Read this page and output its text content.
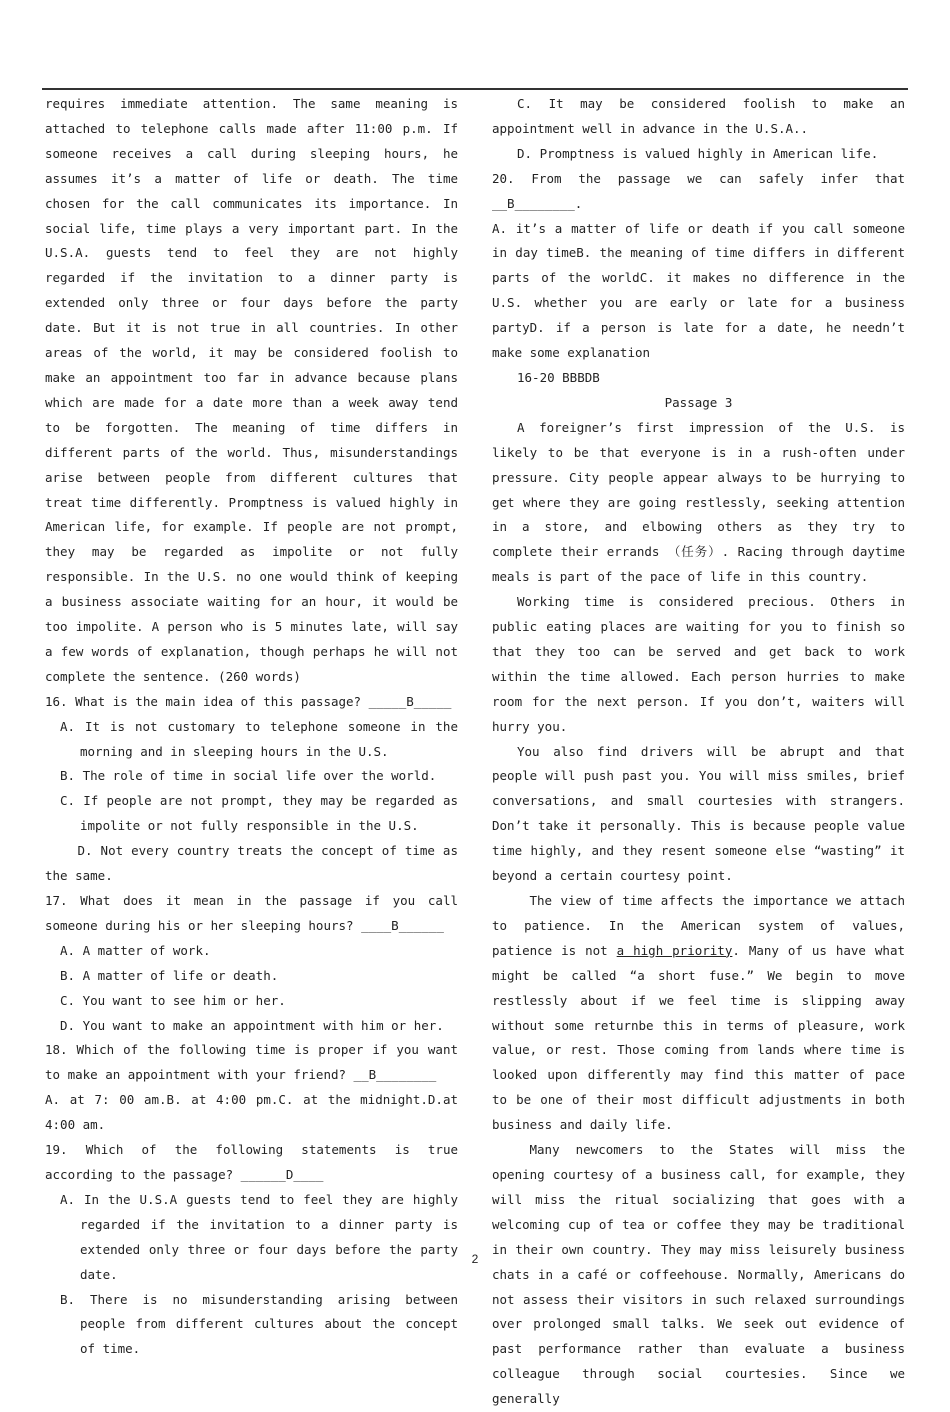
requires immediate attention. The same meaning is attached to telephone calls made after 11:00 p.m. If someone receives a call during sleeping hours, he assumes it’s a matter of life or death. The time chosen for the call communicates its importance. In social life, time plays a very important part. In the U.S.A. guests tend to feel they are not highly regarded if the invitation to a dinner party is extended only three or four days before the party date. But it is not true in all countries. In other areas of the world, it may be considered foolish to make an appointment too far in advance because plans which are made for a date more than a week away tend to be forgotten. The meaning of time differs in different parts of the world. Thus, misunderstandings arise between people from different cultures that treat time differently. Promptness is valued highly in American life, for example. If people are not prompt, they may be regarded as impolite or not fully responsible. In the U.S. no one would think of keeping a business associate waiting for an hour, it would be too impolite. A person who is 5 minutes late, will say a few words of explanation, though perhaps he will not complete the sentence. (260 words)

16. What is the main idea of this passage? _____B_____

A. It is not customary to telephone someone in the morning and in sleeping hours in the U.S.

B. The role of time in social life over the world.

C. If people are not prompt, they may be regarded as impolite or not fully responsible in the U.S.

D. Not every country treats the concept of time as the same.

17. What does it mean in the passage if you call someone during his or her sleeping hours? ____B______

A. A matter of work.

B. A matter of life or death.

C. You want to see him or her.

D. You want to make an appointment with him or her.

18. Which of the following time is proper if you want to make an appointment with your friend? __B________

A. at 7: 00 am.B. at 4:00 pm.C. at the midnight.D.at 4:00 am.

19. Which of the following statements is true according to the passage? ______D____

A. In the U.S.A guests tend to feel they are highly regarded if the invitation to a dinner party is extended only three or four days before the party date.

B. There is no misunderstanding arising between people from different cultures about the concept of time.

C. It may be considered foolish to make an appointment well in advance in the U.S.A..

D. Promptness is valued highly in American life.

20. From the passage we can safely infer that __B________.

A. it’s a matter of life or death if you call someone in day timeB. the meaning of time differs in different parts of the worldC. it makes no difference in the U.S. whether you are early or late for a business partyD. if a person is late for a date, he needn’t make some explanation

16-20 BBBDB

Passage 3

A foreigner’s first impression of the U.S. is likely to be that everyone is in a rush-often under pressure. City people appear always to be hurrying to get where they are going restlessly, seeking attention in a store, and elbowing others as they try to complete their errands （任务）. Racing through daytime meals is part of the pace of life in this country.

Working time is considered precious. Others in public eating places are waiting for you to finish so that they too can be served and get back to work within the time allowed. Each person hurries to make room for the next person. If you don’t, waiters will hurry you.

You also find drivers will be abrupt and that people will push past you. You will miss smiles, brief conversations, and small courtesies with strangers. Don’t take it personally. This is because people value time highly, and they resent someone else “wasting” it beyond a certain courtesy point.

The view of time affects the importance we attach to patience. In the American system of values, patience is not a high priority. Many of us have what might be called “a short fuse.” We begin to move restlessly about if we feel time is slipping away without some returnbe this in terms of pleasure, work value, or rest. Those coming from lands where time is looked upon differently may find this matter of pace to be one of their most difficult adjustments in both business and daily life.

Many newcomers to the States will miss the opening courtesy of a business call, for example, they will miss the ritual socializing that goes with a welcoming cup of tea or coffee they may be traditional in their own country. They may miss leisurely business chats in a café or coffeehouse. Normally, Americans do not assess their visitors in such relaxed surroundings over prolonged small talks. We seek out evidence of past performance rather than evaluate a business colleague through social courtesies. Since we generally

2
